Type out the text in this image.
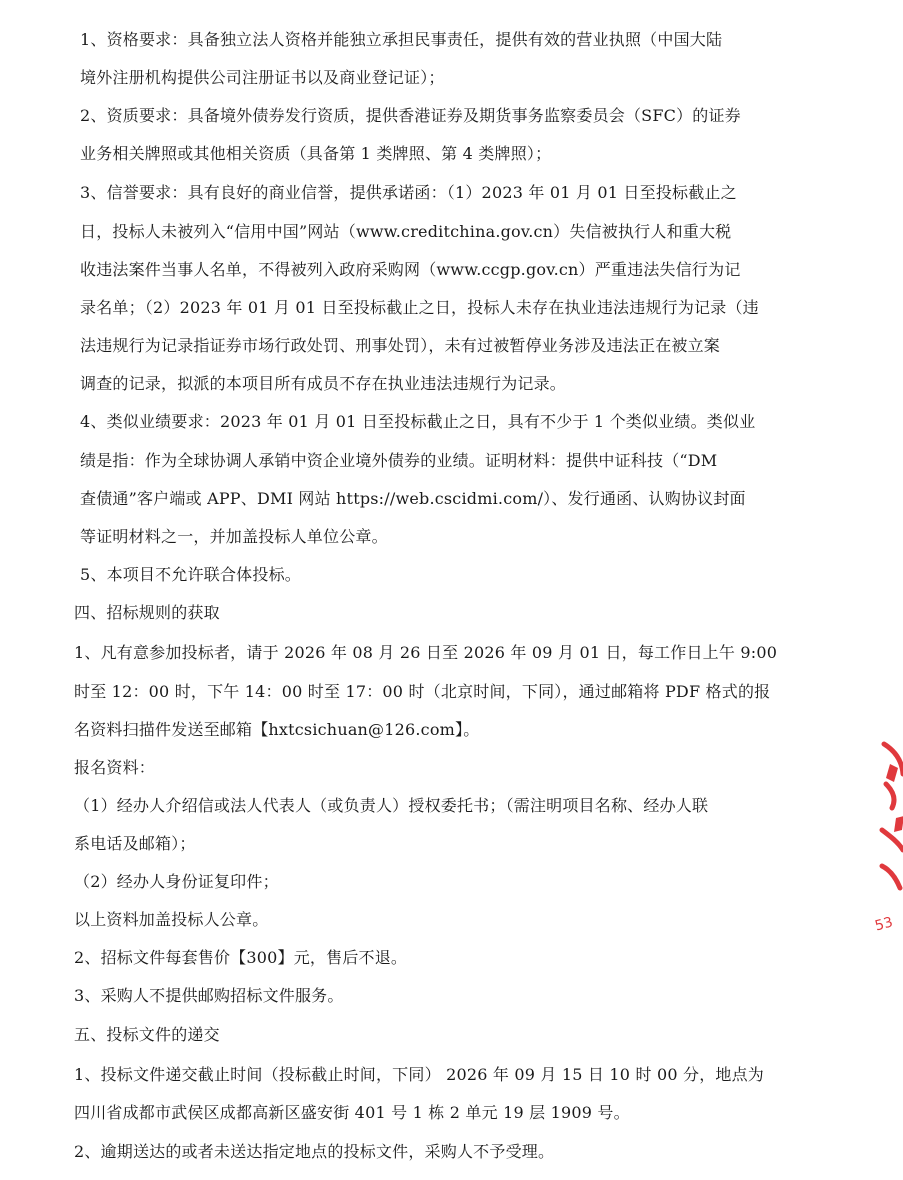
1、资格要求：具备独立法人资格并能独立承担民事责任，提供有效的营业执照（中国大陆
境外注册机构提供公司注册证书以及商业登记证）；
2、资质要求：具备境外债券发行资质，提供香港证券及期货事务监察委员会（SFC）的证券
业务相关牌照或其他相关资质（具备第 1 类牌照、第 4 类牌照）；
3、信誉要求：具有良好的商业信誉，提供承诺函：（1）2023 年 01 月 01 日至投标截止之
日，投标人未被列入“信用中国”网站（www.creditchina.gov.cn）失信被执行人和重大税
收违法案件当事人名单，不得被列入政府采购网（www.ccgp.gov.cn）严重违法失信行为记
录名单；（2）2023 年 01 月 01 日至投标截止之日，投标人未存在执业违法违规行为记录（违
法违规行为记录指证券市场行政处罚、刑事处罚），未有过被暂停业务涉及违法正在被立案
调查的记录，拟派的本项目所有成员不存在执业违法违规行为记录。
4、类似业绩要求：2023 年 01 月 01 日至投标截止之日，具有不少于 1 个类似业绩。类似业
绩是指：作为全球协调人承销中资企业境外债券的业绩。证明材料：提供中证科技（“DM
查债通”客户端或 APP、DMI 网站 https://web.cscidmi.com/）、发行通函、认购协议封面
等证明材料之一，并加盖投标人单位公章。
5、本项目不允许联合体投标。
四、招标规则的获取
1、凡有意参加投标者，请于 2026 年 08 月 26 日至 2026 年 09 月 01 日，每工作日上午 9:00
时至 12：00 时，下午 14：00 时至 17：00 时（北京时间，下同），通过邮箱将 PDF 格式的报
名资料扫描件发送至邮箱【hxtcsichuan@126.com】。
报名资料：
（1）经办人介绍信或法人代表人（或负责人）授权委托书；（需注明项目名称、经办人联
系电话及邮箱）；
（2）经办人身份证复印件；
以上资料加盖投标人公章。
2、招标文件每套售价【300】元，售后不退。
3、采购人不提供邮购招标文件服务。
五、投标文件的递交
1、投标文件递交截止时间（投标截止时间，下同） 2026 年 09 月 15 日 10 时 00 分，地点为
四川省成都市武侯区成都高新区盛安街 401 号 1 栋 2 单元 19 层 1909 号。
2、逾期送达的或者未送达指定地点的投标文件，采购人不予受理。
53
